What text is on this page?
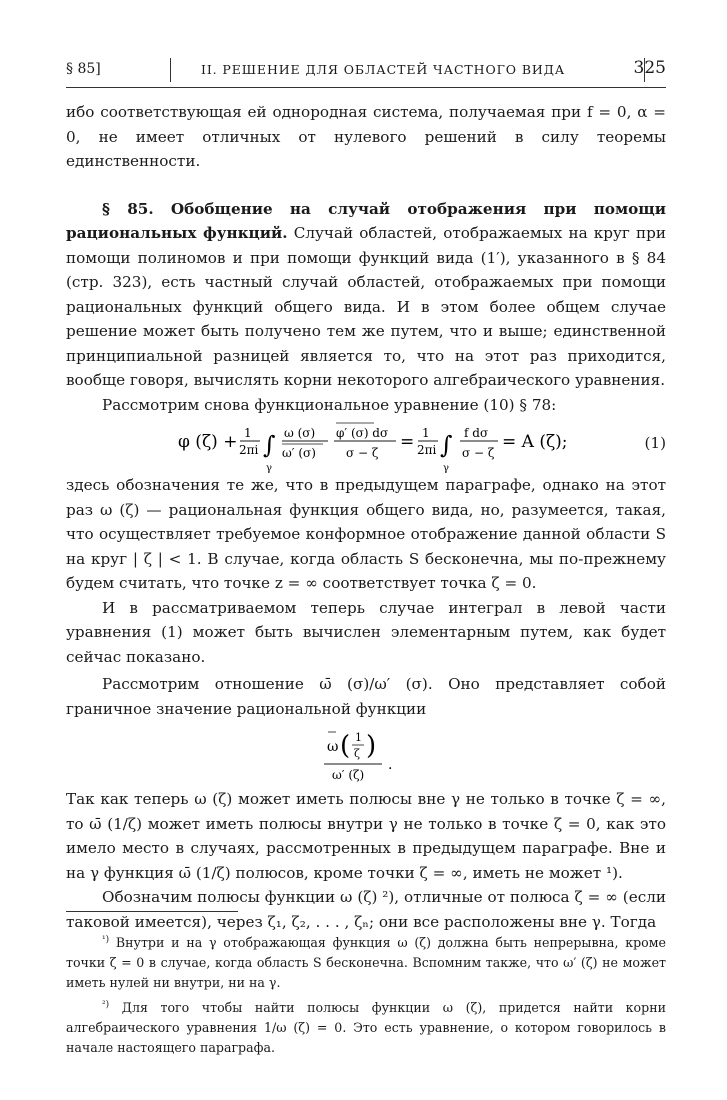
§ 85]	II. РЕШЕНИЕ ДЛЯ ОБЛАСТЕЙ ЧАСТНОГО ВИДА	325

ибо соответствующая ей однородная система, получаемая при f = 0, α = 0, не имеет отличных от нулевого решений в силу теоремы единственности.

§ 85. Обобщение на случай отображения при помощи рациональных функций. Случай областей, отображаемых на круг при помощи полиномов и при помощи функций вида (1′), указанного в § 84 (стр. 323), есть частный случай областей, отображаемых при помощи рациональных функций общего вида. И в этом более общем случае решение может быть получено тем же путем, что и выше; единственной принципиальной разницей является то, что на этот раз приходится, вообще говоря, вычислять корни некоторого алгебраического уравнения.

Рассмотрим снова функциональное уравнение (10) § 78:

φ (ζ) + 1
2πi ∫
γ
ω (σ)
ω′ (σ)
φ′ (σ) dσ
σ − ζ
= 1
2πi ∫
γ
f dσ
σ − ζ
= A (ζ);	(1)

здесь обозначения те же, что в предыдущем параграфе, однако на этот раз ω (ζ) — рациональная функция общего вида, но, разумеется, такая, что осуществляет требуемое конформное отображение данной области S на круг | ζ | < 1. В случае, когда область S бесконечна, мы по-прежнему будем считать, что точке z = ∞ соответствует точка ζ = 0.

И в рассматриваемом теперь случае интеграл в левой части уравнения (1) может быть вычислен элементарным путем, как будет сейчас показано.

Рассмотрим отношение ω̄ (σ)/ω′ (σ). Оно представляет собой граничное значение рациональной функции

ω ( 1
ζ )
ω′ (ζ)
.

Так как теперь ω (ζ) может иметь полюсы вне γ не только в точке ζ = ∞, то ω̄ (1/ζ) может иметь полюсы внутри γ не только в точке ζ = 0, как это имело место в случаях, рассмотренных в предыдущем параграфе. Вне и на γ функция ω̄ (1/ζ) полюсов, кроме точки ζ = ∞, иметь не может ¹).

Обозначим полюсы функции ω (ζ) ²), отличные от полюса ζ = ∞ (если таковой имеется), через ζ₁, ζ₂, . . . , ζₙ; они все расположены вне γ. Тогда

$^{^1)}$ Внутри и на γ отображающая функция ω (ζ) должна быть непрерывна, кроме точки ζ = 0 в случае, когда область S бесконечна. Вспомним также, что ω′ (ζ) не может иметь нулей ни внутри, ни на γ.

$^{^2)}$ Для того чтобы найти полюсы функции ω (ζ), придется найти корни алгебраического уравнения 1/ω (ζ) = 0. Это есть уравнение, о котором говорилось в начале настоящего параграфа.
